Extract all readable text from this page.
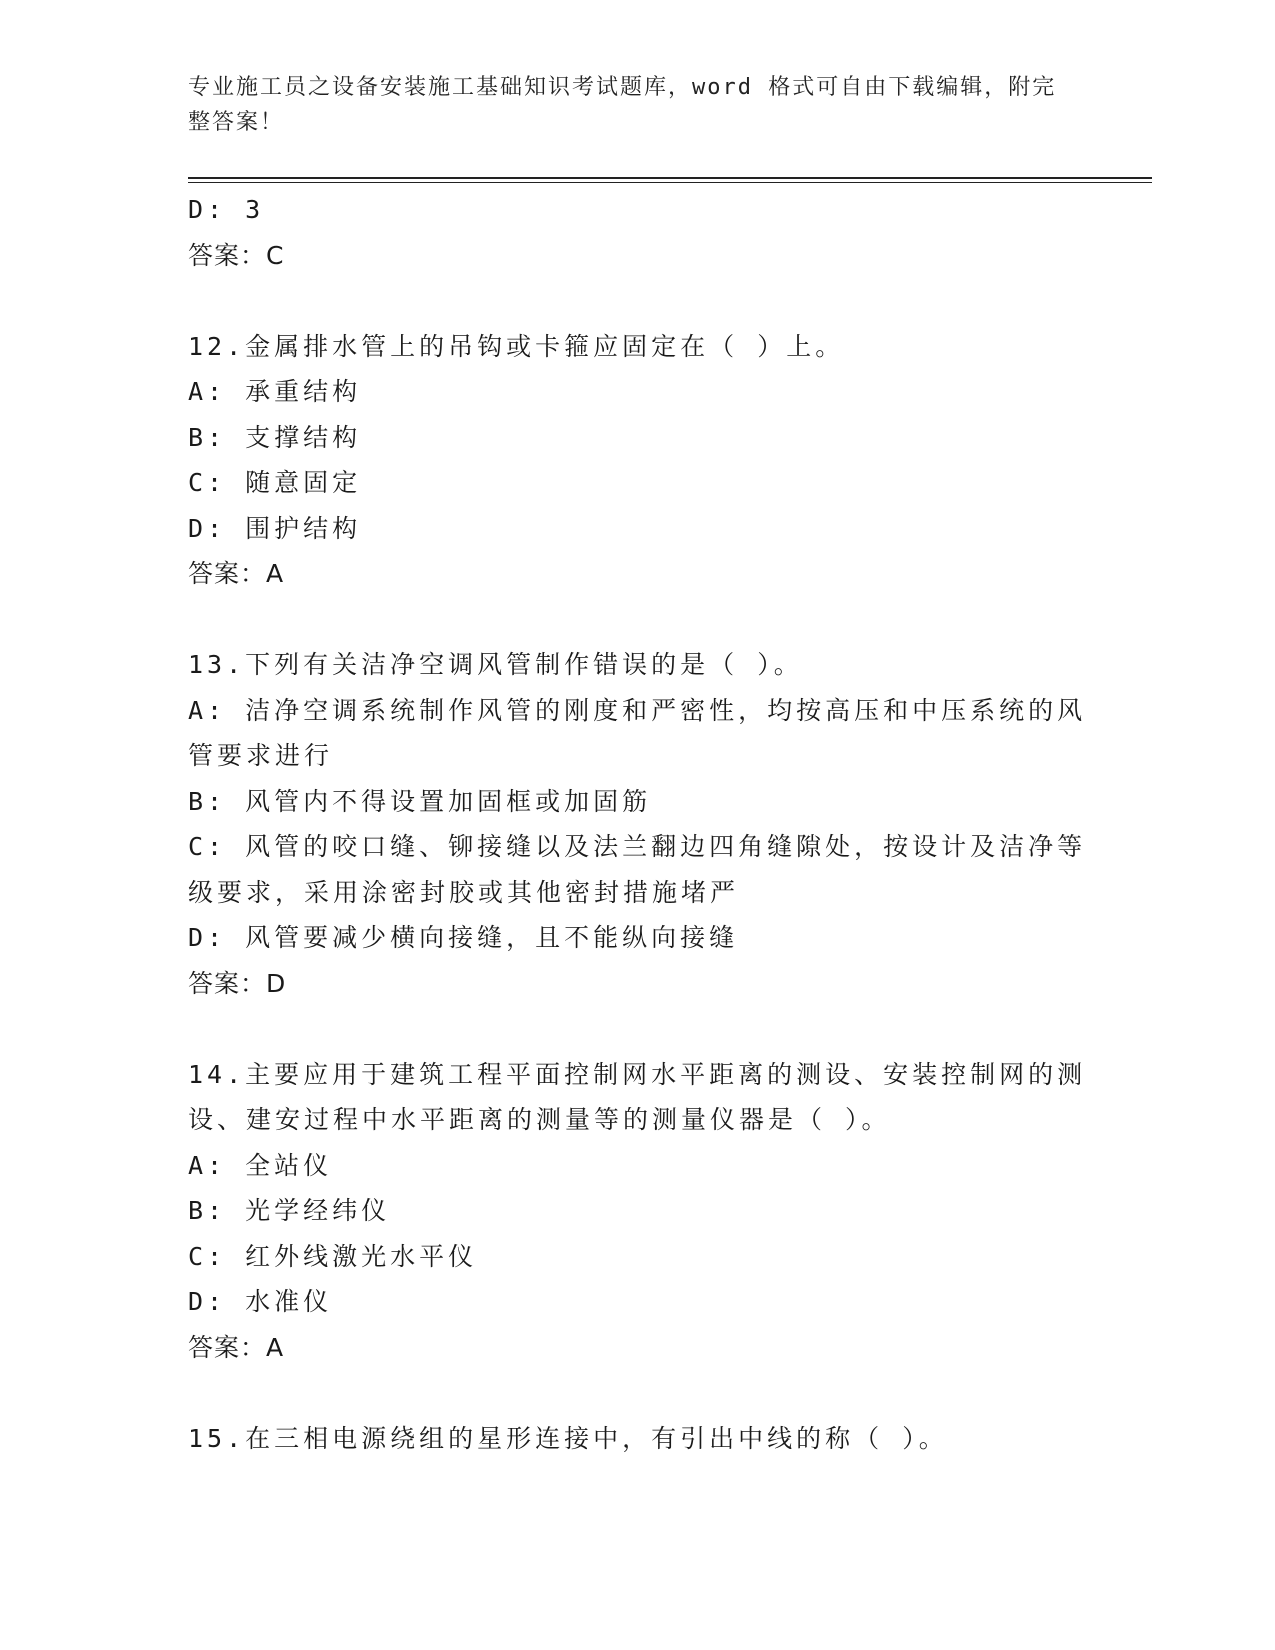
专业施工员之设备安装施工基础知识考试题库，word 格式可自由下载编辑，附完整答案！
D: 3
答案：C
12.金属排水管上的吊钩或卡箍应固定在（ ）上。
A: 承重结构
B: 支撑结构
C: 随意固定
D: 围护结构
答案：A
13.下列有关洁净空调风管制作错误的是（ ）。
A: 洁净空调系统制作风管的刚度和严密性，均按高压和中压系统的风管要求进行
B: 风管内不得设置加固框或加固筋
C: 风管的咬口缝、铆接缝以及法兰翻边四角缝隙处，按设计及洁净等级要求，采用涂密封胶或其他密封措施堵严
D: 风管要减少横向接缝，且不能纵向接缝
答案：D
14.主要应用于建筑工程平面控制网水平距离的测设、安装控制网的测设、建安过程中水平距离的测量等的测量仪器是（ ）。
A: 全站仪
B: 光学经纬仪
C: 红外线激光水平仪
D: 水准仪
答案：A
15.在三相电源绕组的星形连接中，有引出中线的称（ ）。
